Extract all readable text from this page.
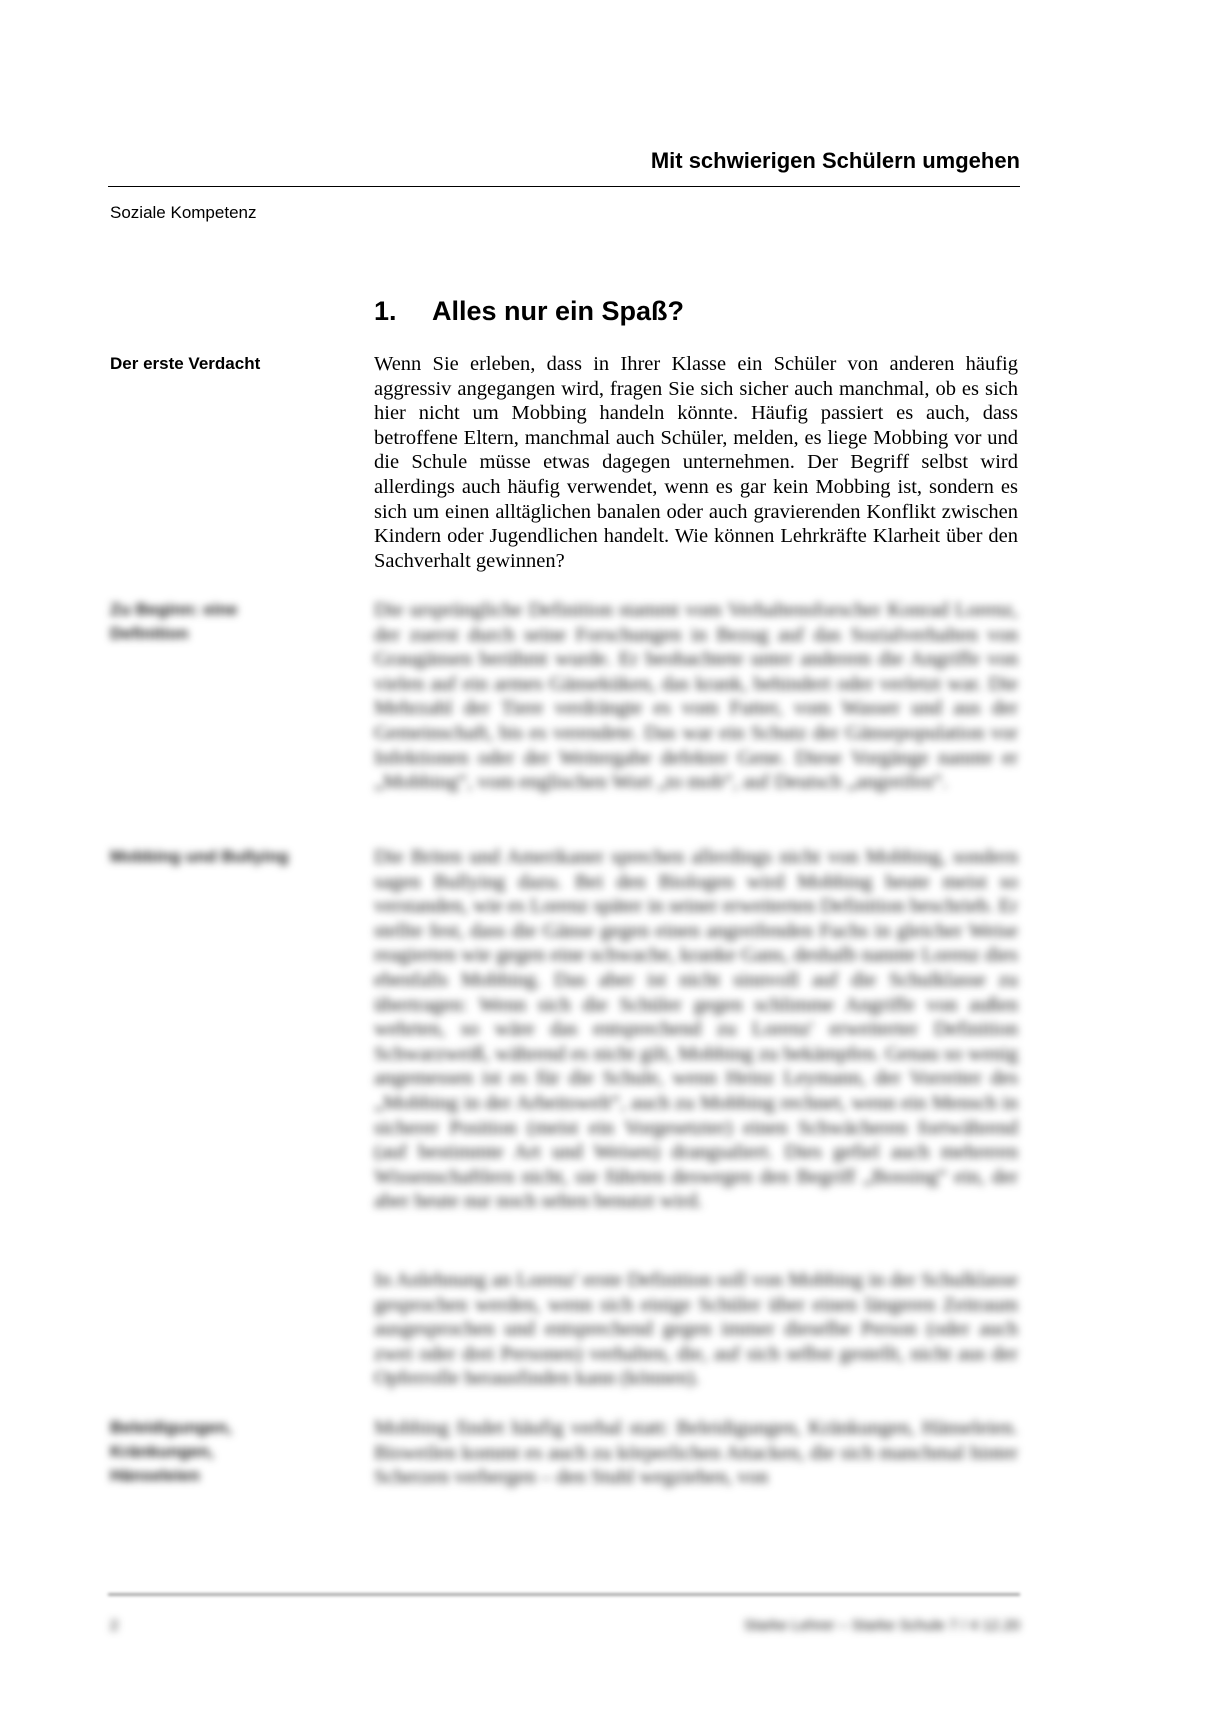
Mit schwierigen Schülern umgehen
Soziale Kompetenz
1.	Alles nur ein Spaß?
Der erste Verdacht	Wenn Sie erleben, dass in Ihrer Klasse ein Schüler von anderen häufig aggressiv angegangen wird, fragen Sie sich sicher auch manchmal, ob es sich hier nicht um Mobbing handeln könnte. Häufig passiert es auch, dass betroffene Eltern, manchmal auch Schüler, melden, es liege Mobbing vor und die Schule müsse etwas dagegen unternehmen. Der Begriff selbst wird allerdings auch häufig verwendet, wenn es gar kein Mobbing ist, sondern es sich um einen alltäglichen banalen oder auch gravierenden Konflikt zwischen Kindern oder Jugendlichen handelt. Wie können Lehrkräfte Klarheit über den Sachverhalt gewinnen?
Zu Beginn: eine Definition
Die ursprüngliche Definition stammt vom Verhaltensforscher Konrad Lorenz, der zuerst durch seine Forschungen in Bezug auf das Sozialverhalten von Graugänsen berühmt wurde. Er beobachtete unter anderem die Angriffe von vielen auf ein armes Gänseküken, das krank, behindert oder verletzt war. Die Mehrzahl der Tiere verdrängte es vom Futter, vom Wasser und aus der Gemeinschaft, bis es verendete. Das war ein Schutz der Gänsepopulation vor Infektionen oder der Weitergabe defekter Gene. Diese Vorgänge nannte er „Mobbing“, vom englischen Wort „to mob“, auf Deutsch „angreifen“.
Mobbing und Bullying	Die Briten und Amerikaner sprechen allerdings nicht von Mobbing, sondern sagen Bullying dazu. Bei den Biologen wird Mobbing heute meist so verstanden, wie es Lorenz später in seiner erweiterten Definition beschrieb. Er stellte fest, dass die Gänse gegen einen angreifenden Fuchs in gleicher Weise reagierten wie gegen eine schwache, kranke Gans, deshalb nannte Lorenz dies ebenfalls Mobbing. Das aber ist nicht sinnvoll auf die Schulklasse zu übertragen: Wenn sich die Schüler gegen schlimme Angriffe von außen wehrten, so wäre das entsprechend zu Lorenz' erweiterter Definition Schwarzweiß, während es nicht gilt, Mobbing zu bekämpfen. Genau so wenig angemessen ist es für die Schule, wenn Heinz Leymann, der Vorreiter des „Mobbing in der Arbeitswelt“, auch zu Mobbing rechnet, wenn ein Mensch in sicherer Position (meist ein Vorgesetzter) einen Schwächeren fortwährend (auf bestimmte Art und Weisen) drangsaliert. Dies gefiel auch mehreren Wissenschaftlern nicht, sie führten deswegen den Begriff „Bossing“ ein, der aber heute nur noch selten benutzt wird.
In Anlehnung an Lorenz' erste Definition soll von Mobbing in der Schulklasse gesprochen werden, wenn sich einige Schüler über einen längeren Zeitraum ausgesprochen und entsprechend gegen immer dieselbe Person (oder auch zwei oder drei Personen) verhalten, die, auf sich selbst gestellt, nicht aus der Opferrolle herausfinden kann (können).
Beleidigungen, Kränkungen, Hänseleien
Mobbing findet häufig verbal statt: Beleidigungen, Kränkungen, Hänseleien. Bisweilen kommt es auch zu körperlichen Attacken, die sich manchmal hinter Scherzen verbergen – den Stuhl wegziehen, von
2	Starke Lehrer – Starke Schule 7 / 4 12.20
